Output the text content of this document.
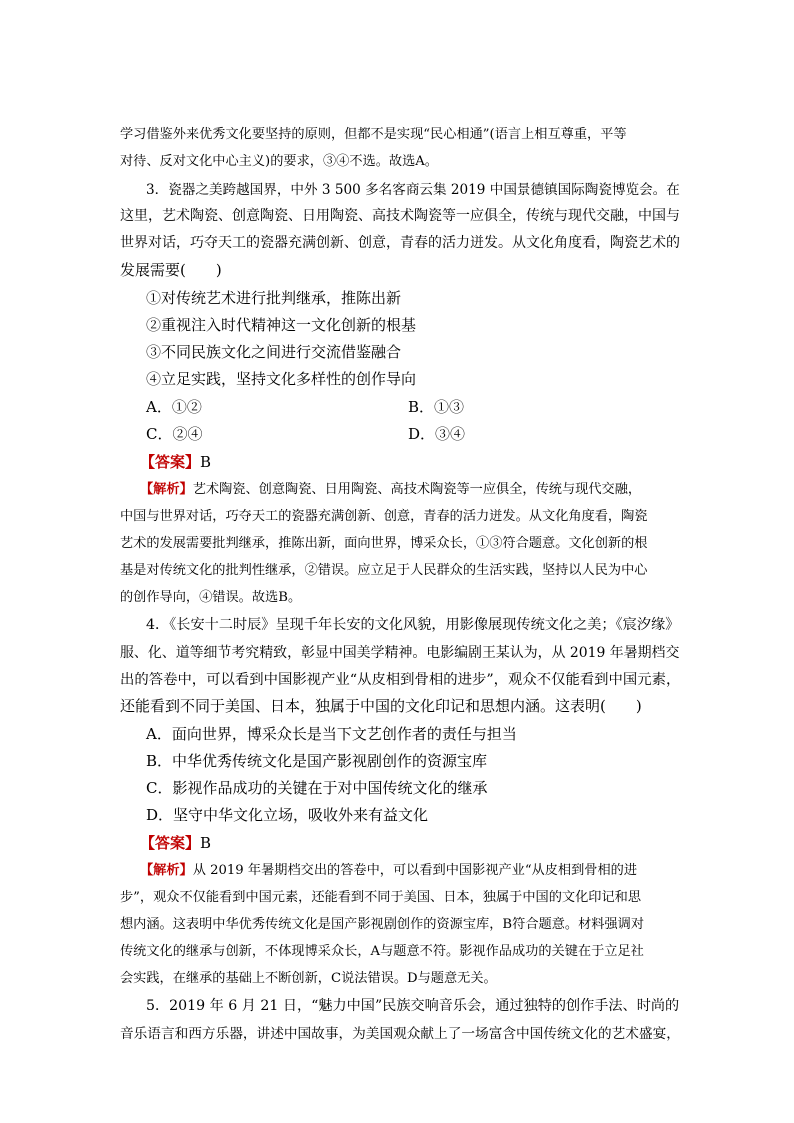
学习借鉴外来优秀文化要坚持的原则，但都不是实现“民心相通”(语言上相互尊重，平等
对待、反对文化中心主义)的要求，③④不选。故选A。
3．瓷器之美跨越国界，中外 3 500 多名客商云集 2019 中国景德镇国际陶瓷博览会。在
这里，艺术陶瓷、创意陶瓷、日用陶瓷、高技术陶瓷等一应俱全，传统与现代交融，中国与
世界对话，巧夺天工的瓷器充满创新、创意，青春的活力迸发。从文化角度看，陶瓷艺术的
发展需要(　　)
①对传统艺术进行批判继承，推陈出新
②重视注入时代精神这一文化创新的根基
③不同民族文化之间进行交流借鉴融合
④立足实践，坚持文化多样性的创作导向
A．①②	B．①③
C．②④	D．③④
【答案】B
【解析】艺术陶瓷、创意陶瓷、日用陶瓷、高技术陶瓷等一应俱全，传统与现代交融，
中国与世界对话，巧夺天工的瓷器充满创新、创意，青春的活力迸发。从文化角度看，陶瓷
艺术的发展需要批判继承，推陈出新，面向世界，博采众长，①③符合题意。文化创新的根
基是对传统文化的批判性继承，②错误。应立足于人民群众的生活实践，坚持以人民为中心
的创作导向，④错误。故选B。
4．《长安十二时辰》呈现千年长安的文化风貌，用影像展现传统文化之美；《宸汐缘》
服、化、道等细节考究精致，彰显中国美学精神。电影编剧王某认为，从 2019 年暑期档交
出的答卷中，可以看到中国影视产业“从皮相到骨相的进步”，观众不仅能看到中国元素，
还能看到不同于美国、日本，独属于中国的文化印记和思想内涵。这表明(　　)
A．面向世界，博采众长是当下文艺创作者的责任与担当
B．中华优秀传统文化是国产影视剧创作的资源宝库
C．影视作品成功的关键在于对中国传统文化的继承
D．坚守中华文化立场，吸收外来有益文化
【答案】B
【解析】从 2019 年暑期档交出的答卷中，可以看到中国影视产业“从皮相到骨相的进
步”，观众不仅能看到中国元素，还能看到不同于美国、日本，独属于中国的文化印记和思
想内涵。这表明中华优秀传统文化是国产影视剧创作的资源宝库，B符合题意。材料强调对
传统文化的继承与创新，不体现博采众长，A与题意不符。影视作品成功的关键在于立足社
会实践，在继承的基础上不断创新，C说法错误。D与题意无关。
5．2019 年 6 月 21 日，“魅力中国”民族交响音乐会，通过独特的创作手法、时尚的
音乐语言和西方乐器，讲述中国故事，为美国观众献上了一场富含中国传统文化的艺术盛宴，
